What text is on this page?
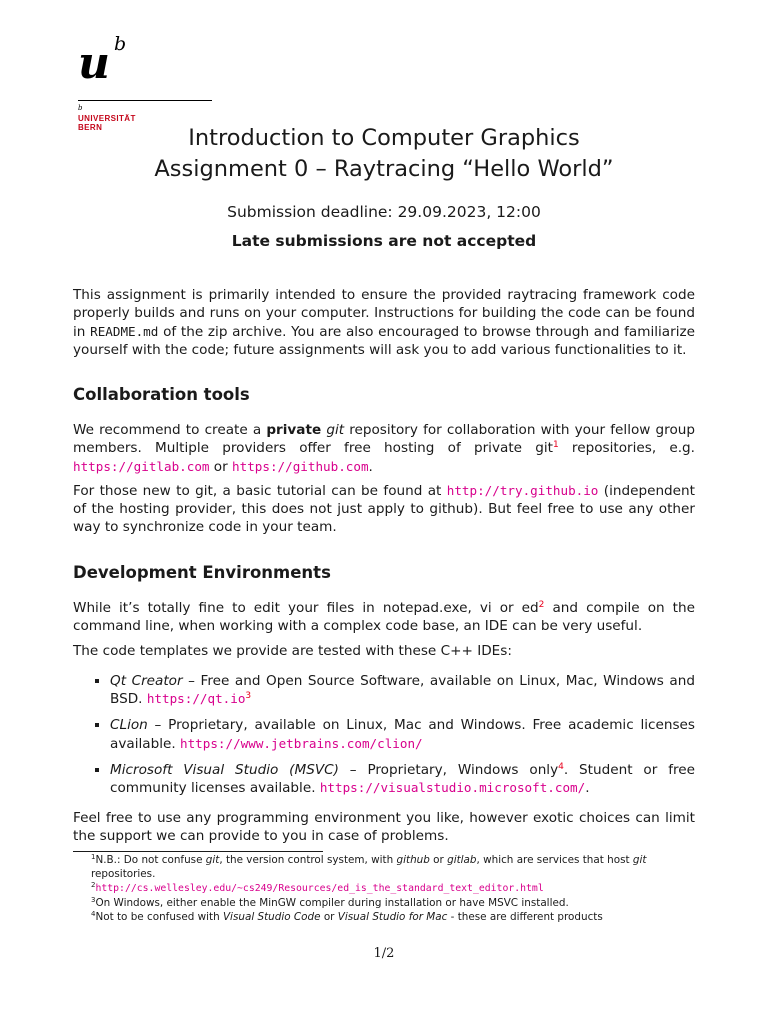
u b
b
UNIVERSITÄT
BERN	Introduction to Computer Graphics
Assignment 0 – Raytracing “Hello World”
Submission deadline: 29.09.2023, 12:00
Late submissions are not accepted

This assignment is primarily intended to ensure the provided raytracing framework code properly builds and runs on your computer. Instructions for building the code can be found in README.md of the zip archive. You are also encouraged to browse through and familiarize yourself with the code; future assignments will ask you to add various functionalities to it.

Collaboration tools

We recommend to create a private git repository for collaboration with your fellow group members. Multiple providers offer free hosting of private git$^1$ repositories, e.g. https://gitlab.com or https://github.com.

For those new to git, a basic tutorial can be found at http://try.github.io (independent of the hosting provider, this does not just apply to github). But feel free to use any other way to synchronize code in your team.

Development Environments

While it’s totally fine to edit your files in notepad.exe, vi or $ed^2$ and compile on the command line, when working with a complex code base, an IDE can be very useful.

The code templates we provide are tested with these C++ IDEs:

Qt Creator – Free and Open Source Software, available on Linux, Mac, Windows and BSD. $https://qt.io^3$
CLion – Proprietary, available on Linux, Mac and Windows. Free academic licenses available. https://www.jetbrains.com/clion/
Microsoft Visual Studio (MSVC) – Proprietary, Windows only$^4$. Student or free community licenses available. https://visualstudio.microsoft.com/.

Feel free to use any programming environment you like, however exotic choices can limit the support we can provide to you in case of problems.

$^1$N.B.: Do not confuse git, the version control system, with github or gitlab, which are services that host git repositories.

$^2$http://cs.wellesley.edu/~cs249/Resources/ed_is_the_standard_text_editor.html

$^3$On Windows, either enable the MinGW compiler during installation or have MSVC installed.

$^4$Not to be confused with Visual Studio Code or Visual Studio for Mac - these are different products

1/2
